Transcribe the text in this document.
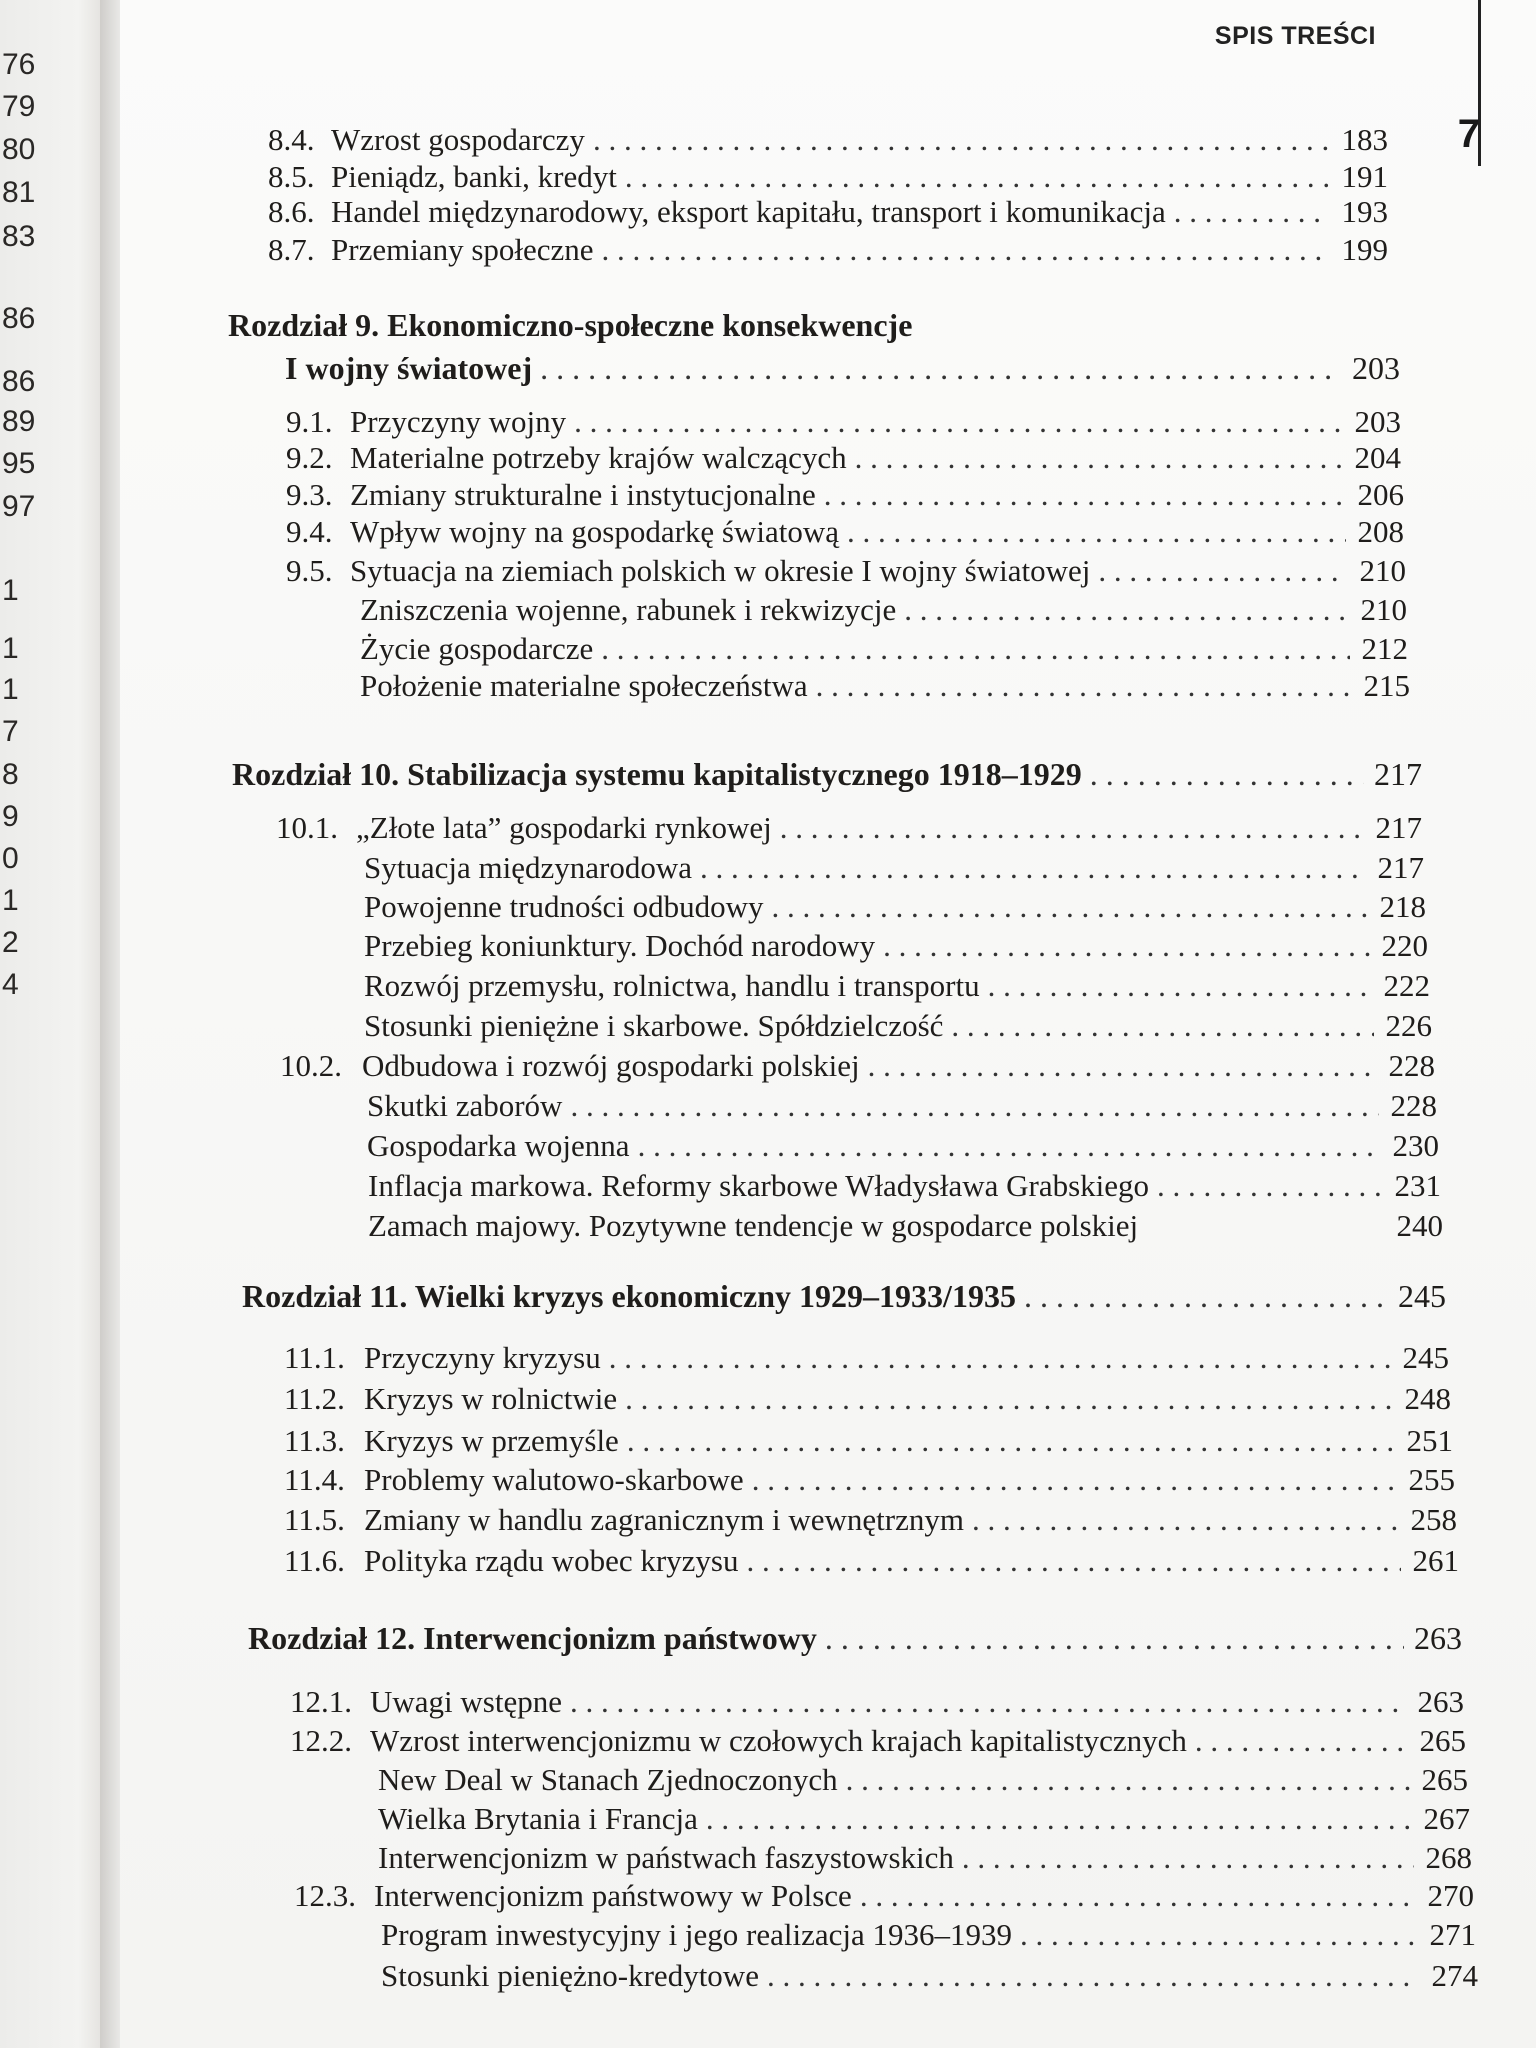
76
79
80
81
83
86
86
89
95
97
1
1
1
7
8
9
0
1
2
4
SPIS TREŚCI
7
8.4. Wzrost gospodarczy . . .	183
8.5. Pieniądz, banki, kredyt . . .	191
8.6. Handel międzynarodowy, eksport kapitału, transport i komunikacja . . .	193
8.7. Przemiany społeczne . . .	199
Rozdział 9. Ekonomiczno-społeczne konsekwencje
I wojny światowej . . .	203
9.1. Przyczyny wojny . . .	203
9.2. Materialne potrzeby krajów walczących . . .	204
9.3. Zmiany strukturalne i instytucjonalne . . .	206
9.4. Wpływ wojny na gospodarkę światową . . .	208
9.5. Sytuacja na ziemiach polskich w okresie I wojny światowej . . .	210
Zniszczenia wojenne, rabunek i rekwizycje . . .	210
Życie gospodarcze . . .	212
Położenie materialne społeczeństwa . . .	215
Rozdział 10. Stabilizacja systemu kapitalistycznego 1918–1929 . . .	217
10.1. „Złote lata” gospodarki rynkowej . . .	217
Sytuacja międzynarodowa . . .	217
Powojenne trudności odbudowy . . .	218
Przebieg koniunktury. Dochód narodowy . . .	220
Rozwój przemysłu, rolnictwa, handlu i transportu . . .	222
Stosunki pieniężne i skarbowe. Spółdzielczość . . .	226
10.2. Odbudowa i rozwój gospodarki polskiej . . .	228
Skutki zaborów . . .	228
Gospodarka wojenna . . .	230
Inflacja markowa. Reformy skarbowe Władysława Grabskiego . . .	231
Zamach majowy. Pozytywne tendencje w gospodarce polskiej	240
Rozdział 11. Wielki kryzys ekonomiczny 1929–1933/1935 . . .	245
11.1. Przyczyny kryzysu . . .	245
11.2. Kryzys w rolnictwie . . .	248
11.3. Kryzys w przemyśle . . .	251
11.4. Problemy walutowo-skarbowe . . .	255
11.5. Zmiany w handlu zagranicznym i wewnętrznym . . .	258
11.6. Polityka rządu wobec kryzysu . . .	261
Rozdział 12. Interwencjonizm państwowy . . .	263
12.1. Uwagi wstępne . . .	263
12.2. Wzrost interwencjonizmu w czołowych krajach kapitalistycznych . . .	265
New Deal w Stanach Zjednoczonych . . .	265
Wielka Brytania i Francja . . .	267
Interwencjonizm w państwach faszystowskich . . .	268
12.3. Interwencjonizm państwowy w Polsce . . .	270
Program inwestycyjny i jego realizacja 1936–1939 . . .	271
Stosunki pieniężno-kredytowe . . .	274
